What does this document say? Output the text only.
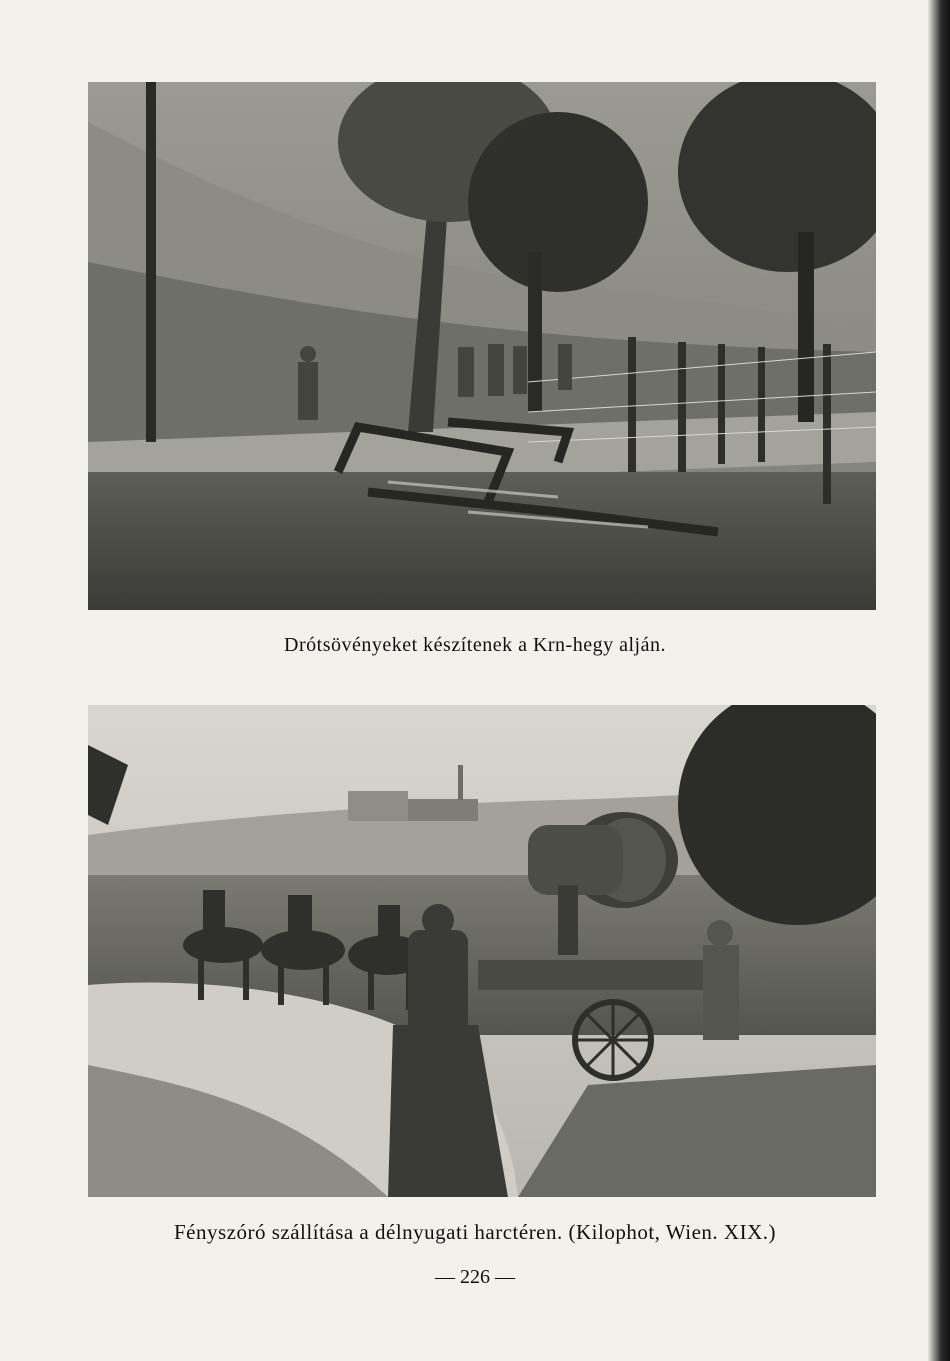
Drótsövényeket készítenek a Krn-hegy alján.
Fényszóró szállítása a délnyugati harctéren. (Kilophot, Wien. XIX.)
— 226 —
